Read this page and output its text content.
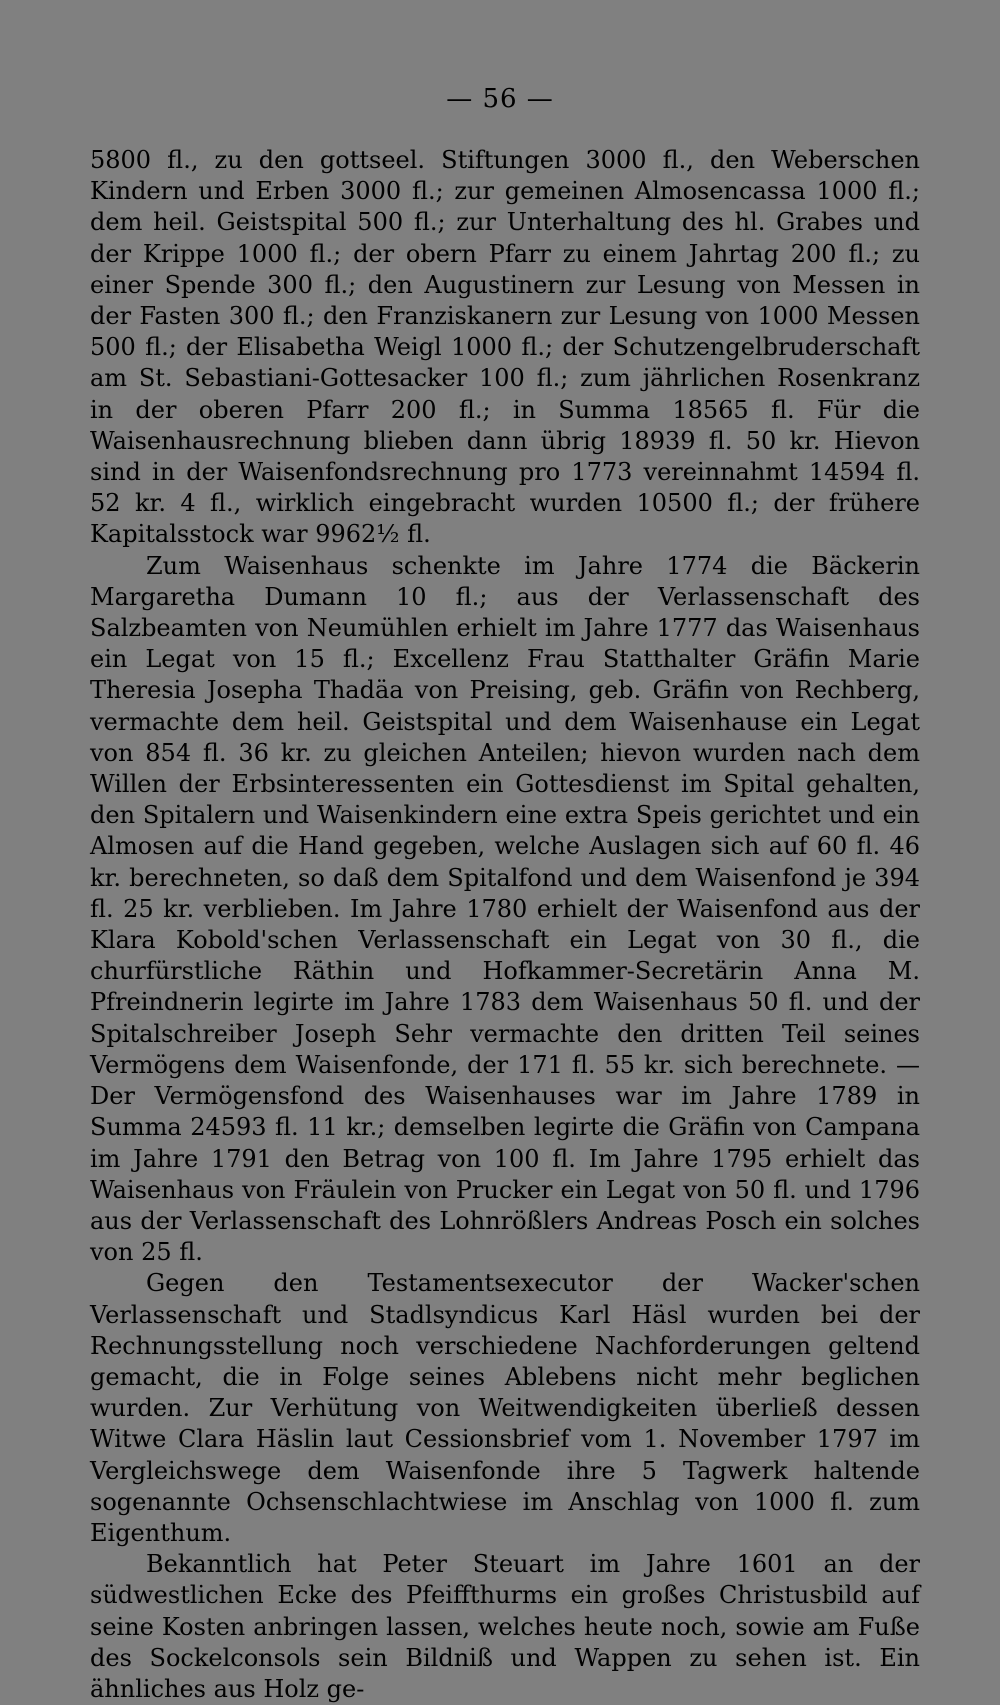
— 56 —

5800 fl., zu den gottseel. Stiftungen 3000 fl., den Weberschen Kindern und Erben 3000 fl.; zur gemeinen Almosencassa 1000 fl.; dem heil. Geistspital 500 fl.; zur Unterhaltung des hl. Grabes und der Krippe 1000 fl.; der obern Pfarr zu einem Jahrtag 200 fl.; zu einer Spende 300 fl.; den Augustinern zur Lesung von Messen in der Fasten 300 fl.; den Franziskanern zur Lesung von 1000 Messen 500 fl.; der Elisabetha Weigl 1000 fl.; der Schutzengelbruderschaft am St. Sebastiani-Gottesacker 100 fl.; zum jährlichen Rosenkranz in der oberen Pfarr 200 fl.; in Summa 18565 fl. Für die Waisenhausrechnung blieben dann übrig 18939 fl. 50 kr. Hievon sind in der Waisenfondsrechnung pro 1773 vereinnahmt 14594 fl. 52 kr. 4 fl., wirklich eingebracht wurden 10500 fl.; der frühere Kapitalsstock war 9962½ fl.

Zum Waisenhaus schenkte im Jahre 1774 die Bäckerin Margaretha Dumann 10 fl.; aus der Verlassenschaft des Salzbeamten von Neumühlen erhielt im Jahre 1777 das Waisenhaus ein Legat von 15 fl.; Excellenz Frau Statthalter Gräfin Marie Theresia Josepha Thadäa von Preising, geb. Gräfin von Rechberg, vermachte dem heil. Geistspital und dem Waisenhause ein Legat von 854 fl. 36 kr. zu gleichen Anteilen; hievon wurden nach dem Willen der Erbsinteressenten ein Gottesdienst im Spital gehalten, den Spitalern und Waisenkindern eine extra Speis gerichtet und ein Almosen auf die Hand gegeben, welche Auslagen sich auf 60 fl. 46 kr. berechneten, so daß dem Spitalfond und dem Waisenfond je 394 fl. 25 kr. verblieben. Im Jahre 1780 erhielt der Waisenfond aus der Klara Kobold'schen Verlassenschaft ein Legat von 30 fl., die churfürstliche Räthin und Hofkammer-Secretärin Anna M. Pfreindnerin legirte im Jahre 1783 dem Waisenhaus 50 fl. und der Spitalschreiber Joseph Sehr vermachte den dritten Teil seines Vermögens dem Waisenfonde, der 171 fl. 55 kr. sich berechnete. — Der Vermögensfond des Waisenhauses war im Jahre 1789 in Summa 24593 fl. 11 kr.; demselben legirte die Gräfin von Campana im Jahre 1791 den Betrag von 100 fl. Im Jahre 1795 erhielt das Waisenhaus von Fräulein von Prucker ein Legat von 50 fl. und 1796 aus der Verlassenschaft des Lohnrößlers Andreas Posch ein solches von 25 fl.

Gegen den Testamentsexecutor der Wacker'schen Verlassenschaft und Stadlsyndicus Karl Häsl wurden bei der Rechnungsstellung noch verschiedene Nachforderungen geltend gemacht, die in Folge seines Ablebens nicht mehr beglichen wurden. Zur Verhütung von Weitwendigkeiten überließ dessen Witwe Clara Häslin laut Cessionsbrief vom 1. November 1797 im Vergleichswege dem Waisenfonde ihre 5 Tagwerk haltende sogenannte Ochsenschlachtwiese im Anschlag von 1000 fl. zum Eigenthum.

Bekanntlich hat Peter Steuart im Jahre 1601 an der südwestlichen Ecke des Pfeiffthurms ein großes Christusbild auf seine Kosten anbringen lassen, welches heute noch, sowie am Fuße des Sockelconsols sein Bildniß und Wappen zu sehen ist. Ein ähnliches aus Holz ge-
